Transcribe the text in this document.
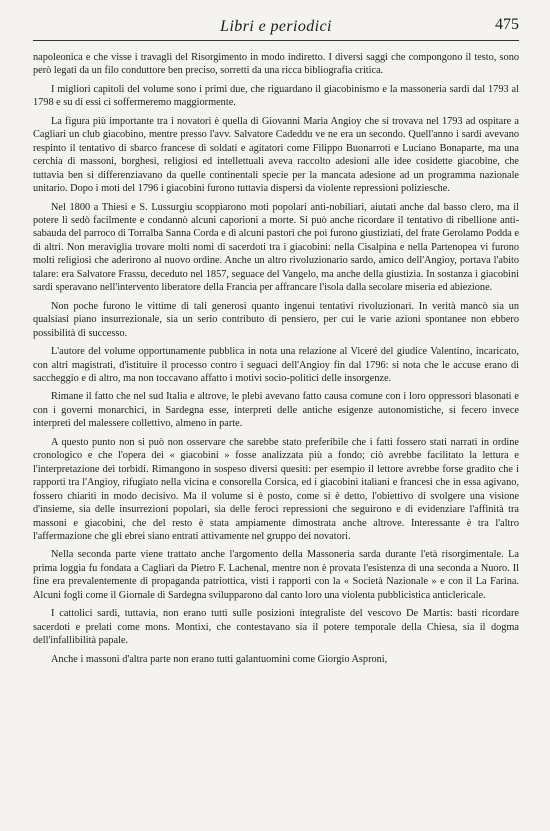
Libri e periodici	475

napoleonica e che visse i travagli del Risorgimento in modo indiretto. I diversi saggi che compongono il testo, sono però legati da un filo conduttore ben preciso, sorretti da una ricca bibliografia critica.

I migliori capitoli del volume sono i primi due, che riguardano il giacobinismo e la massoneria sardi dal 1793 al 1798 e su di essi ci soffermeremo maggiormente.

La figura più importante tra i novatori è quella di Giovanni Maria Angioy che si trovava nel 1793 ad ospitare a Cagliari un club giacobino, mentre presso l'avv. Salvatore Cadeddu ve ne era un secondo. Quell'anno i sardi avevano respinto il tentativo di sbarco francese di soldati e agitatori come Filippo Buonarroti e Luciano Bonaparte, ma una cerchia di massoni, borghesi, religiosi ed intellettuali aveva raccolto adesioni alle idee cosidette giacobine, che tuttavia ben si differenziavano da quelle continentali specie per la mancata adesione ad un programma nazionale unitario. Dopo i moti del 1796 i giacobini furono tuttavia dispersi da violente repressioni poliziesche.

Nel 1800 a Thiesi e S. Lussurgiu scoppiarono moti popolari anti-nobiliari, aiutati anche dal basso clero, ma il potere li sedò facilmente e condannò alcuni caporioni a morte. Si può anche ricordare il tentativo di ribellione anti-sabauda del parroco di Torralba Sanna Corda e di alcuni pastori che poi furono giustiziati, del frate Gerolamo Podda e di altri. Non meraviglia trovare molti nomi di sacerdoti tra i giacobini: nella Cisalpina e nella Partenopea vi furono molti religiosi che aderirono al nuovo ordine. Anche un altro rivoluzionario sardo, amico dell'Angioy, portava l'abito talare: era Salvatore Frassu, deceduto nel 1857, seguace del Vangelo, ma anche della giustizia. In sostanza i giacobini sardi speravano nell'intervento liberatore della Francia per affrancare l'isola dalla secolare miseria ed abiezione.

Non poche furono le vittime di tali generosi quanto ingenui tentativi rivoluzionari. In verità mancò sia un qualsiasi piano insurrezionale, sia un serio contributo di pensiero, per cui le varie azioni spontanee non ebbero possibilità di successo.

L'autore del volume opportunamente pubblica in nota una relazione al Viceré del giudice Valentino, incaricato, con altri magistrati, d'istituire il processo contro i seguaci dell'Angioy fin dal 1796: si nota che le accuse erano di saccheggio e di altro, ma non toccavano affatto i motivi socio-politici delle insorgenze.

Rimane il fatto che nel sud Italia e altrove, le plebi avevano fatto causa comune con i loro oppressori blasonati e con i governi monarchici, in Sardegna esse, interpreti delle antiche esigenze autonomistiche, si fecero invece interpreti del malessere collettivo, almeno in parte.

A questo punto non si può non osservare che sarebbe stato preferibile che i fatti fossero stati narrati in ordine cronologico e che l'opera dei « giacobini » fosse analizzata più a fondo; ciò avrebbe facilitato la lettura e l'interpretazione dei torbidi. Rimangono in sospeso diversi quesiti: per esempio il lettore avrebbe forse gradito che i rapporti tra l'Angioy, rifugiato nella vicina e consorella Corsica, ed i giacobini italiani e francesi che in essa agivano, fossero chiariti in modo decisivo. Ma il volume si è posto, come si è detto, l'obiettivo di svolgere una visione d'insieme, sia delle insurrezioni popolari, sia delle feroci repressioni che seguirono e di evidenziare l'affinità tra massoni e giacobini, che del resto è stata ampiamente dimostrata anche altrove. Interessante è tra l'altro l'affermazione che gli ebrei siano entrati attivamente nel gruppo dei novatori.

Nella seconda parte viene trattato anche l'argomento della Massoneria sarda durante l'età risorgimentale. La prima loggia fu fondata a Cagliari da Pietro F. Lachenal, mentre non è provata l'esistenza di una seconda a Nuoro. Il fine era prevalentemente di propaganda patriottica, visti i rapporti con la « Società Nazionale » e con il La Farina. Alcuni fogli come il Giornale di Sardegna svilupparono dal canto loro una violenta pubblicistica anticlericale.

I cattolici sardi, tuttavia, non erano tutti sulle posizioni integraliste del vescovo De Martis: basti ricordare sacerdoti e prelati come mons. Montixi, che contestavano sia il potere temporale della Chiesa, sia il dogma dell'infallibilità papale.

Anche i massoni d'altra parte non erano tutti galantuomini come Giorgio Asproni,
